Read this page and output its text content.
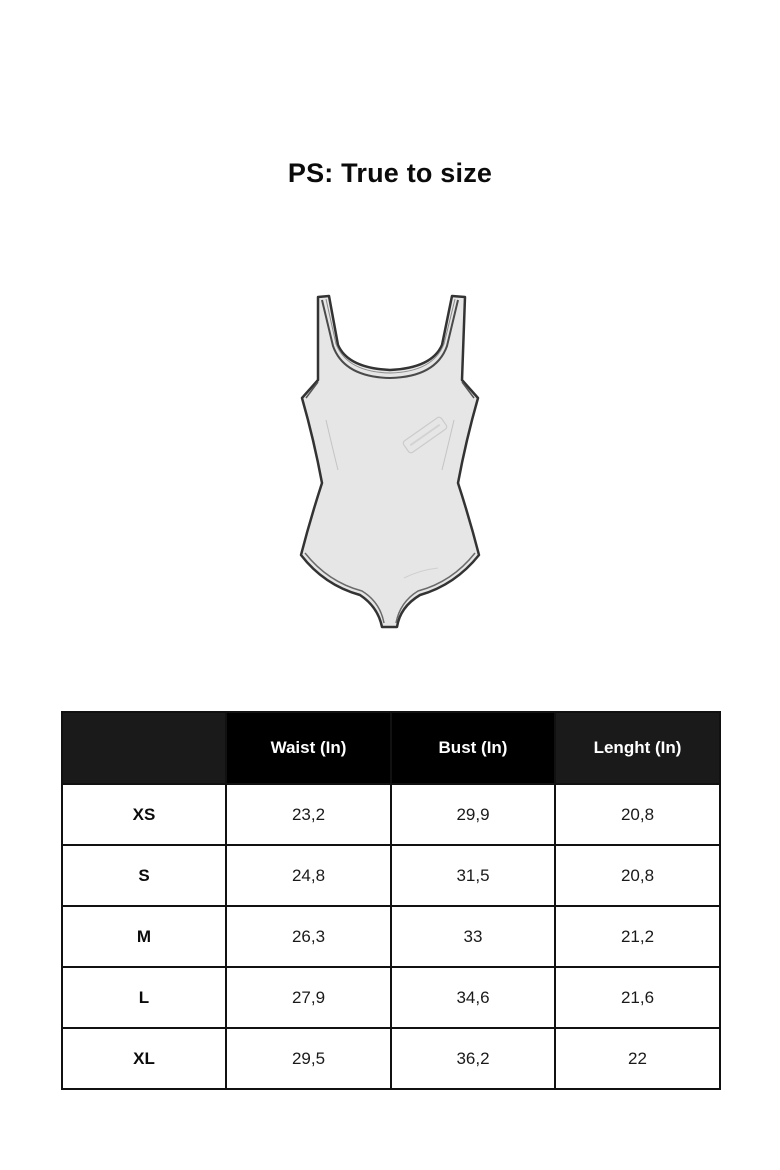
PS: True to size
	Waist (In)	Bust (In)	Lenght (In)
XS	23,2	29,9	20,8
S	24,8	31,5	20,8
M	26,3	33	21,2
L	27,9	34,6	21,6
XL	29,5	36,2	22
